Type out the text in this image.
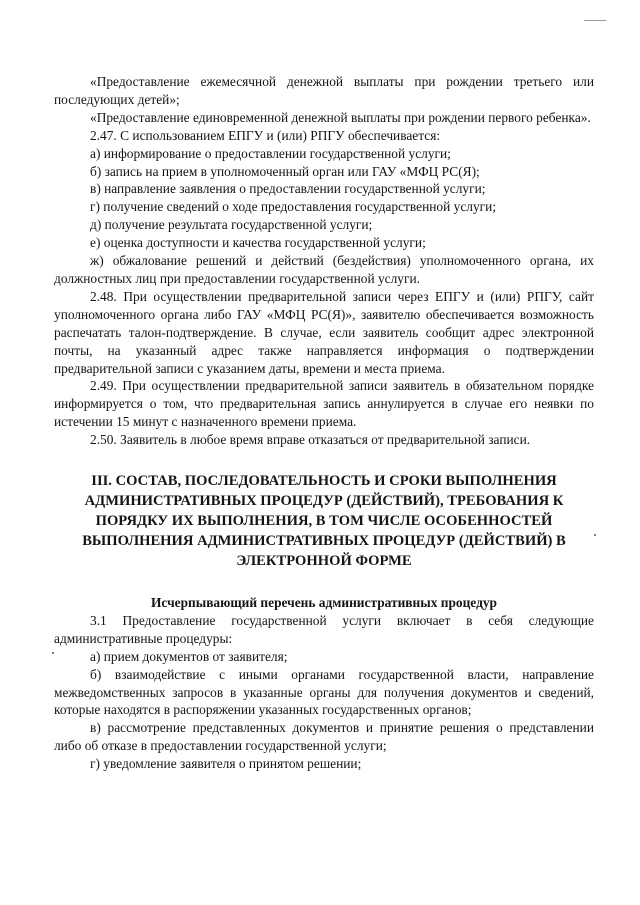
«Предоставление ежемесячной денежной выплаты при рождении третьего или последующих детей»;

«Предоставление единовременной денежной выплаты при рождении первого ребенка».

2.47. С использованием ЕПГУ и (или) РПГУ обеспечивается:

а) информирование о предоставлении государственной услуги;

б) запись на прием в уполномоченный орган или ГАУ «МФЦ РС(Я);

в) направление заявления о предоставлении государственной услуги;

г) получение сведений о ходе предоставления государственной услуги;

д) получение результата государственной услуги;

е) оценка доступности и качества государственной услуги;

ж) обжалование решений и действий (бездействия) уполномоченного органа, их должностных лиц при предоставлении государственной услуги.

2.48. При осуществлении предварительной записи через ЕПГУ и (или) РПГУ, сайт уполномоченного органа либо ГАУ «МФЦ РС(Я)», заявителю обеспечивается возможность распечатать талон-подтверждение. В случае, если заявитель сообщит адрес электронной почты, на указанный адрес также направляется информация о подтверждении предварительной записи с указанием даты, времени и места приема.

2.49. При осуществлении предварительной записи заявитель в обязательном порядке информируется о том, что предварительная запись аннулируется в случае его неявки по истечении 15 минут с назначенного времени приема.

2.50. Заявитель в любое время вправе отказаться от предварительной записи.

III. СОСТАВ, ПОСЛЕДОВАТЕЛЬНОСТЬ И СРОКИ ВЫПОЛНЕНИЯ АДМИНИСТРАТИВНЫХ ПРОЦЕДУР (ДЕЙСТВИЙ), ТРЕБОВАНИЯ К ПОРЯДКУ ИХ ВЫПОЛНЕНИЯ, В ТОМ ЧИСЛЕ ОСОБЕННОСТЕЙ ВЫПОЛНЕНИЯ АДМИНИСТРАТИВНЫХ ПРОЦЕДУР (ДЕЙСТВИЙ) В ЭЛЕКТРОННОЙ ФОРМЕ

Исчерпывающий перечень административных процедур

3.1 Предоставление государственной услуги включает в себя следующие административные процедуры:

а) прием документов от заявителя;

б) взаимодействие с иными органами государственной власти, направление межведомственных запросов в указанные органы для получения документов и сведений, которые находятся в распоряжении указанных государственных органов;

в) рассмотрение представленных документов и принятие решения о представлении либо об отказе в предоставлении государственной услуги;

г) уведомление заявителя о принятом решении;
